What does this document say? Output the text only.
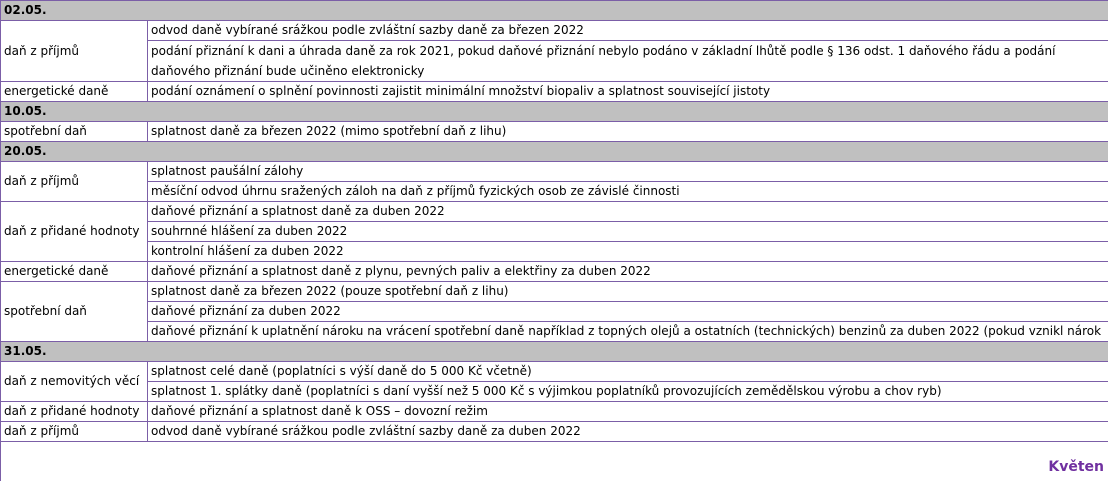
02.05.	
daň z příjmů	odvod daně vybírané srážkou podle zvláštní sazby daně za březen 2022
	podání přiznání k dani a úhrada daně za rok 2021, pokud daňové přiznání nebylo podáno v základní lhůtě podle § 136 odst. 1 daňového řádu a podání daňového přiznání bude učiněno elektronicky
energetické daně	podání oznámení o splnění povinnosti zajistit minimální množství biopaliv a splatnost související jistoty
10.05.	
spotřební daň	splatnost daně za březen 2022 (mimo spotřební daň z lihu)
20.05.	
daň z příjmů	splatnost paušální zálohy
	měsíční odvod úhrnu sražených záloh na daň z příjmů fyzických osob ze závislé činnosti
daň z přidané hodnoty	daňové přiznání a splatnost daně za duben 2022
	souhrnné hlášení za duben 2022
	kontrolní hlášení za duben 2022
energetické daně	daňové přiznání a splatnost daně z plynu, pevných paliv a elektřiny za duben 2022
spotřební daň	splatnost daně za březen 2022 (pouze spotřební daň z lihu)
	daňové přiznání za duben 2022
	daňové přiznání k uplatnění nároku na vrácení spotřební daně například z topných olejů a ostatních (technických) benzinů za duben 2022 (pokud vznikl nárok
31.05.	
daň z nemovitých věcí	splatnost celé daně (poplatníci s výší daně do 5 000 Kč včetně)
	splatnost 1. splátky daně (poplatníci s daní vyšší než 5 000 Kč s výjimkou poplatníků provozujících zemědělskou výrobu a chov ryb)
daň z přidané hodnoty	daňové přiznání a splatnost daně k OSS – dovozní režim
daň z příjmů	odvod daně vybírané srážkou podle zvláštní sazby daně za duben 2022
Květen
